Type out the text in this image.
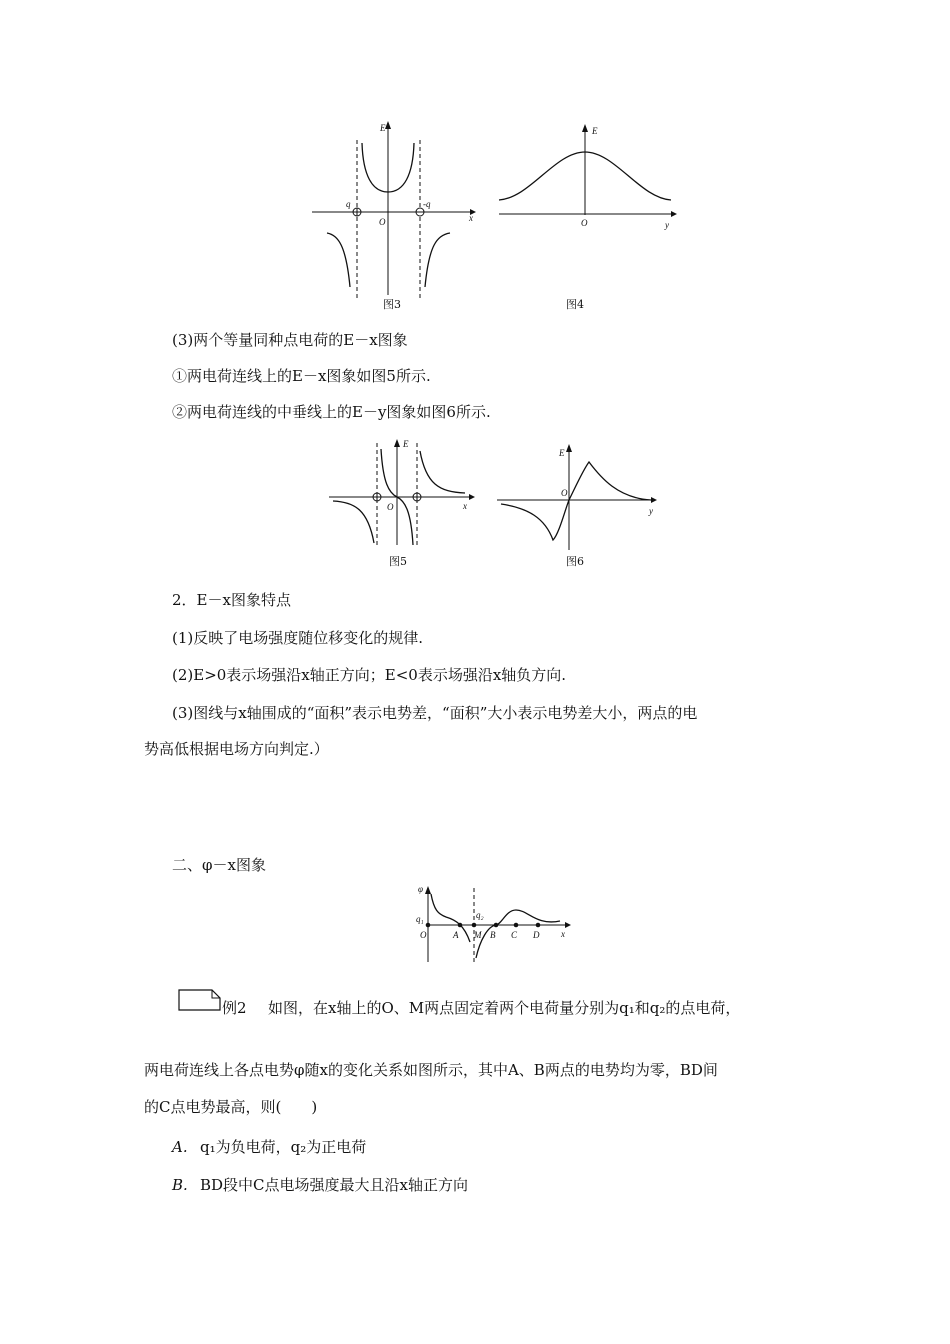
E
x
O
q	-q
图3
E
O	y
图4
(3)两个等量同种点电荷的E－x图象
①两电荷连线上的E－x图象如图5所示.
②两电荷连线的中垂线上的E－y图象如图6所示.
E
O	x
图5
E
O
y
图6
2．E－x图象特点
(1)反映了电场强度随位移变化的规律.
(2)E>0表示场强沿x轴正方向；E<0表示场强沿x轴负方向.
(3)图线与x轴围成的“面积”表示电势差，“面积”大小表示电势差大小，两点的电
势高低根据电场方向判定.）
二、φ－x图象
φ
q₁	q₂
O	A M B C D x
例2 如图，在x轴上的O、M两点固定着两个电荷量分别为q₁和q₂的点电荷，
两电荷连线上各点电势φ随x的变化关系如图所示，其中A、B两点的电势均为零，BD间
的C点电势最高，则(　　)
A. q₁为负电荷，q₂为正电荷
B. BD段中C点电场强度最大且沿x轴正方向
